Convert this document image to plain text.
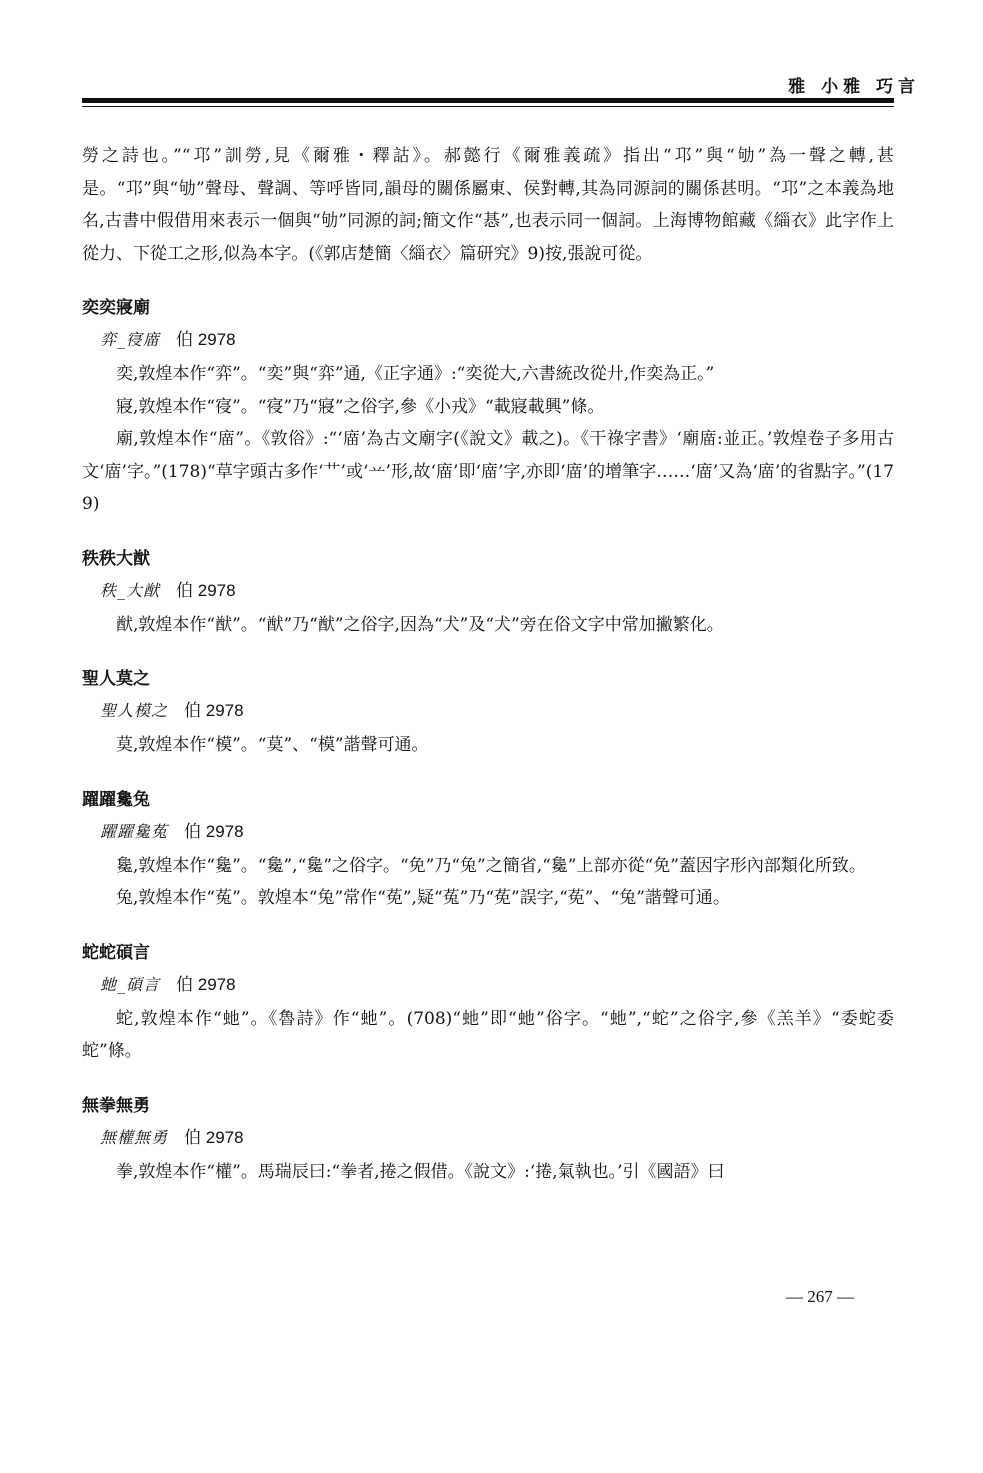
雅 小雅 巧言

勞之詩也。”“邛”訓勞,見《爾雅・釋詁》。郝懿行《爾雅義疏》指出“邛”與“劬”為一聲之轉,甚是。“邛”與“劬”聲母、聲調、等呼皆同,韻母的關係屬東、侯對轉,其為同源詞的關係甚明。“邛”之本義為地名,古書中假借用來表示一個與“劬”同源的詞;簡文作“惎”,也表示同一個詞。上海博物館藏《緇衣》此字作上從力、下從工之形,似為本字。(《郭店楚簡〈緇衣〉篇研究》9)按,張說可從。

奕奕寢廟

弈_寑庿 伯 2978

奕,敦煌本作“弈”。“奕”與“弈”通,《正字通》:“奕從大,六書統改從廾,作奕為正。”

寢,敦煌本作“寑”。“寑”乃“寢”之俗字,參《小戎》“載寢載興”條。

廟,敦煌本作“庿”。《敦俗》:“‘庿’為古文廟字(《說文》載之)。《干祿字書》‘廟庿:並正。’敦煌卷子多用古文‘庿’字。”(178)“草字頭古多作‘艹’或‘䒑’形,故‘庿’即‘庿’字,亦即‘庿’的增筆字……‘庿’又為‘庿’的省點字。”(179)

秩秩大猷

秩_大猷 伯 2978

猷,敦煌本作“猷”。“猷”乃“猷”之俗字,因為“犬”及“犬”旁在俗文字中常加撇繁化。

聖人莫之

聖人模之 伯 2978

莫,敦煌本作“模”。“莫”、“模”諧聲可通。

躍躍毚兔

躍躍毚菟 伯 2978

毚,敦煌本作“毚”。“毚”,“毚”之俗字。“免”乃“兔”之簡省,“毚”上部亦從“免”蓋因字形內部類化所致。

兔,敦煌本作“菟”。敦煌本“兔”常作“莬”,疑“菟”乃“莬”誤字,“莬”、“兔”諧聲可通。

蛇蛇碩言

虵_碩言 伯 2978

蛇,敦煌本作“虵”。《魯詩》作“虵”。(708)“虵”即“虵”俗字。“虵”,“蛇”之俗字,參《羔羊》“委蛇委蛇”條。

無拳無勇

無權無勇 伯 2978

拳,敦煌本作“權”。馬瑞辰曰:“拳者,捲之假借。《說文》:‘捲,氣執也。’引《國語》曰

— 267 —
